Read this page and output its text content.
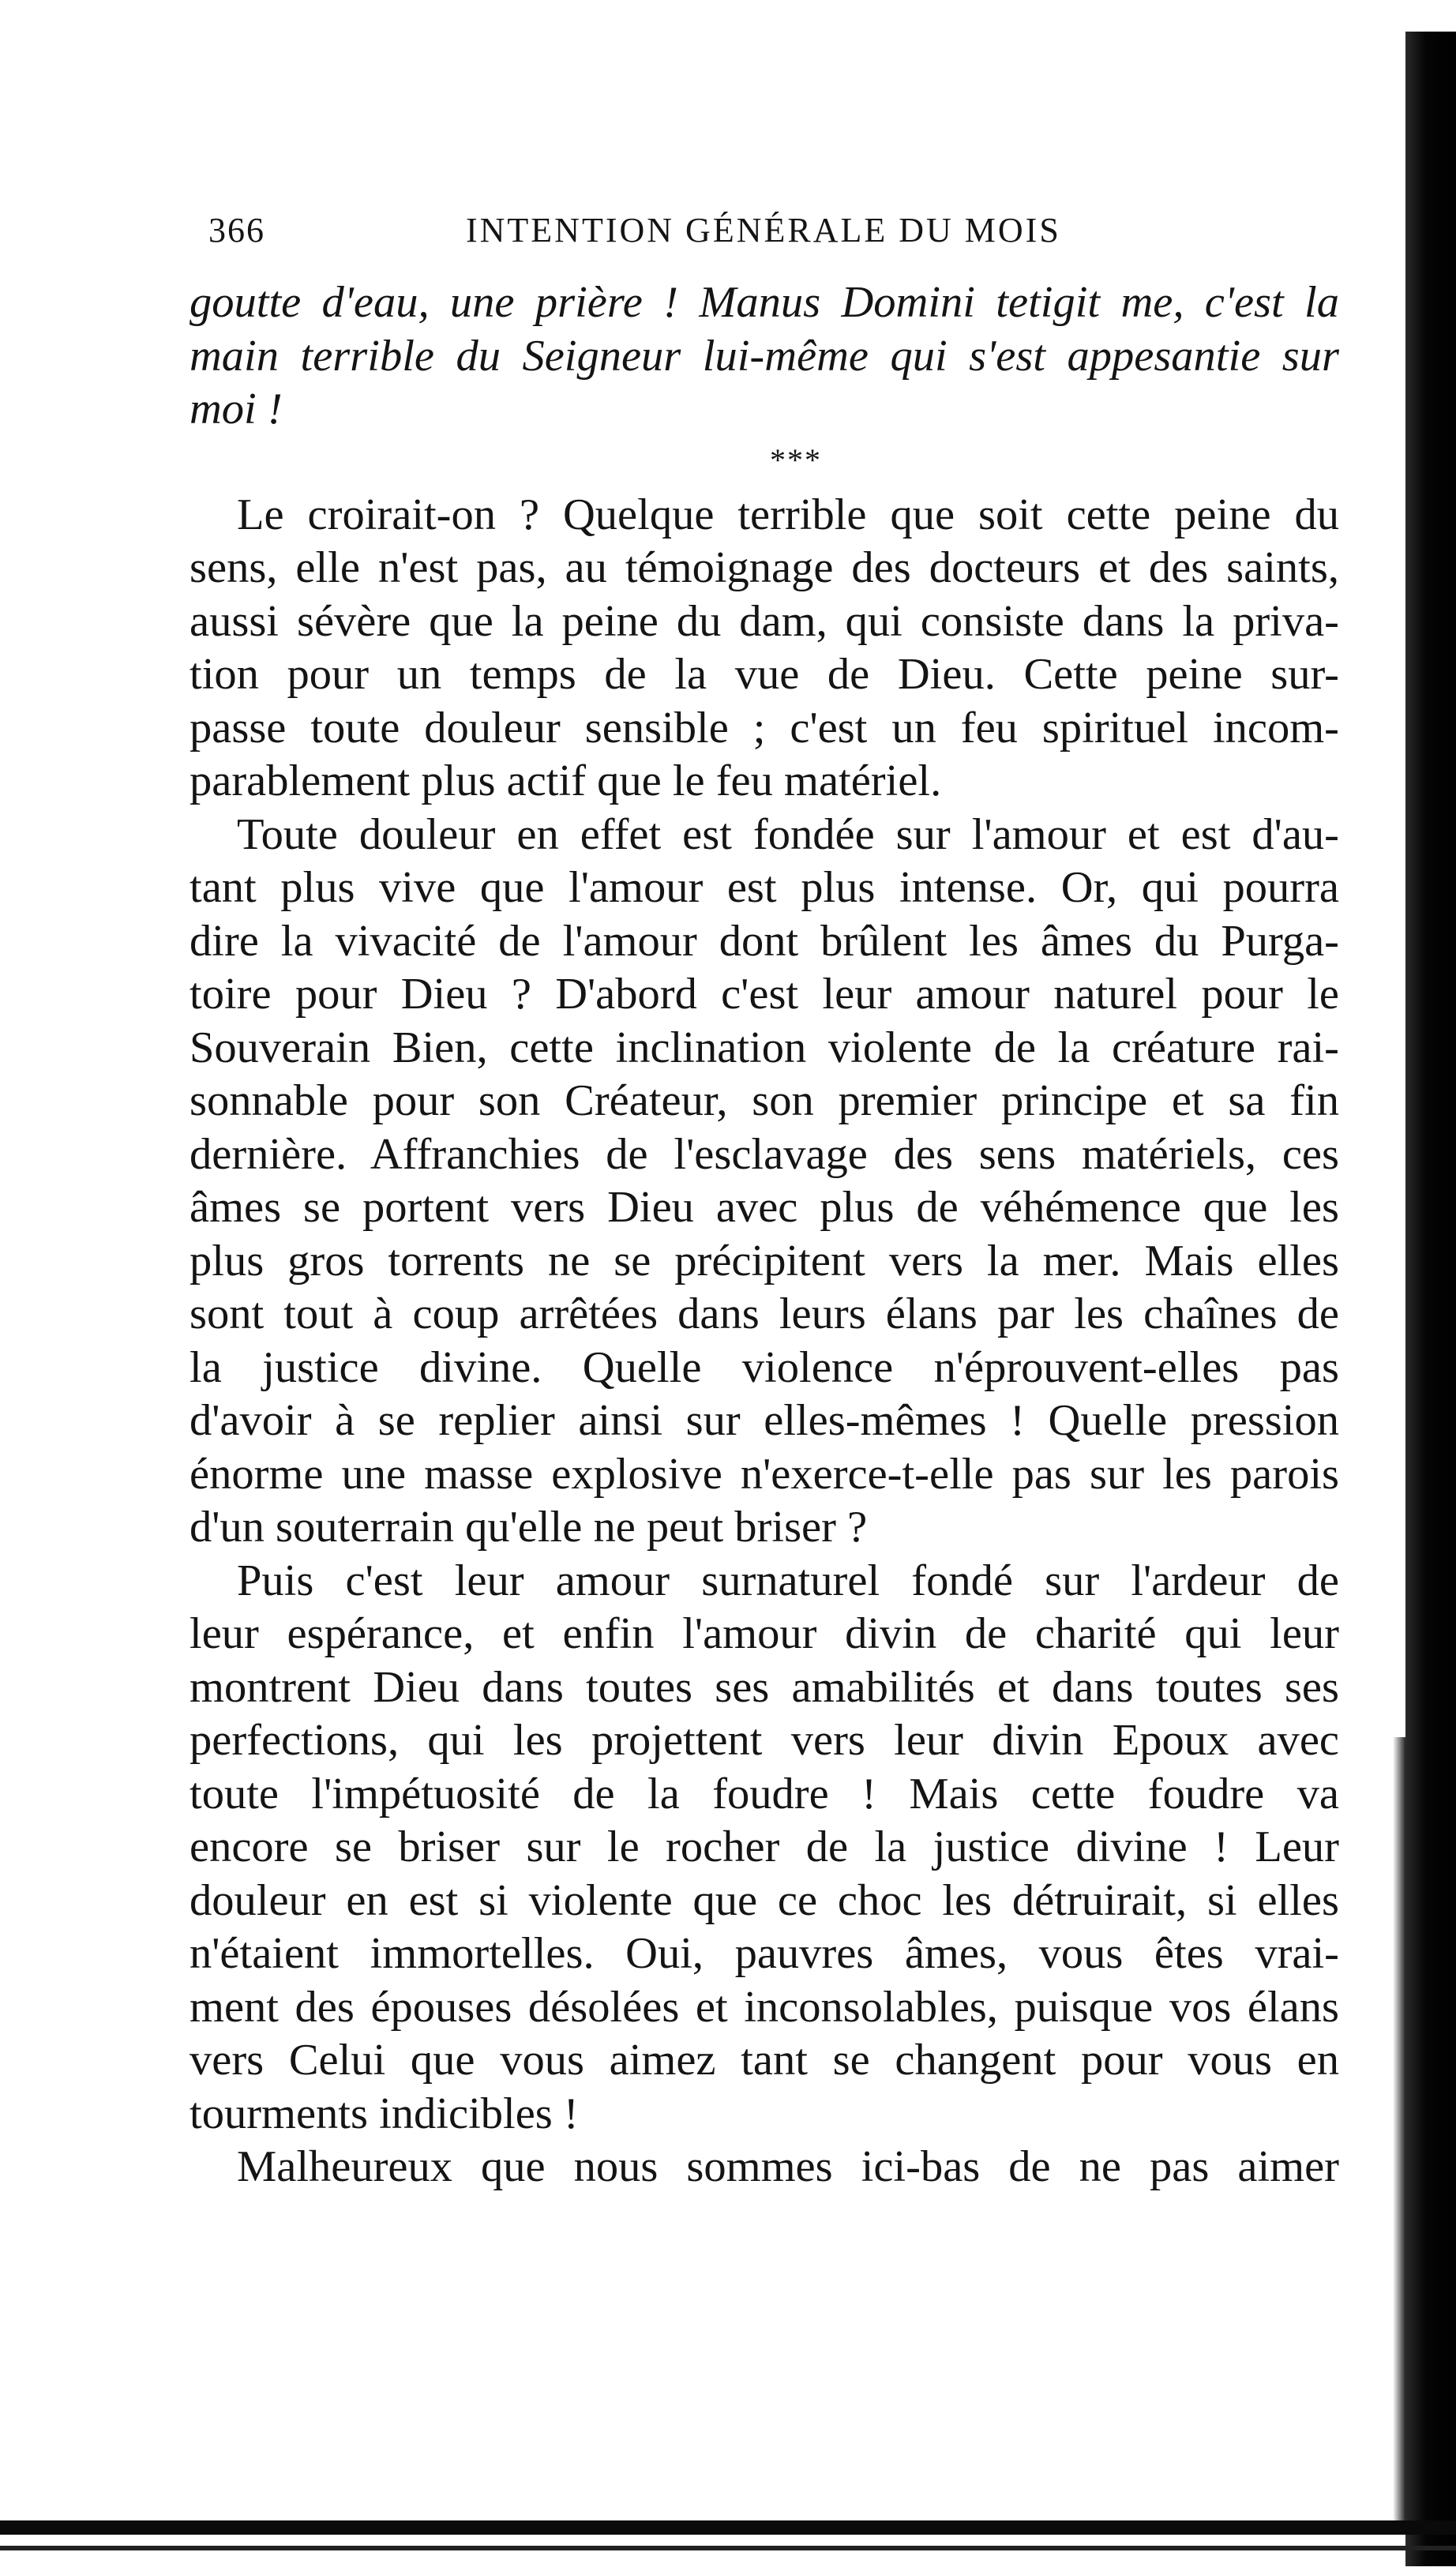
366	INTENTION GÉNÉRALE DU MOIS
goutte d'eau, une prière ! Manus Domini tetigit me, c'est la
main terrible du Seigneur lui-même qui s'est appesantie sur
moi !
***
Le croirait-on ? Quelque terrible que soit cette peine du
sens, elle n'est pas, au témoignage des docteurs et des saints,
aussi sévère que la peine du dam, qui consiste dans la priva-
tion pour un temps de la vue de Dieu. Cette peine sur-
passe toute douleur sensible ; c'est un feu spirituel incom-
parablement plus actif que le feu matériel.
Toute douleur en effet est fondée sur l'amour et est d'au-
tant plus vive que l'amour est plus intense. Or, qui pourra
dire la vivacité de l'amour dont brûlent les âmes du Purga-
toire pour Dieu ? D'abord c'est leur amour naturel pour le
Souverain Bien, cette inclination violente de la créature rai-
sonnable pour son Créateur, son premier principe et sa fin
dernière. Affranchies de l'esclavage des sens matériels, ces
âmes se portent vers Dieu avec plus de véhémence que les
plus gros torrents ne se précipitent vers la mer. Mais elles
sont tout à coup arrêtées dans leurs élans par les chaînes de
la justice divine. Quelle violence n'éprouvent-elles pas
d'avoir à se replier ainsi sur elles-mêmes ! Quelle pression
énorme une masse explosive n'exerce-t-elle pas sur les parois
d'un souterrain qu'elle ne peut briser ?
Puis c'est leur amour surnaturel fondé sur l'ardeur de
leur espérance, et enfin l'amour divin de charité qui leur
montrent Dieu dans toutes ses amabilités et dans toutes ses
perfections, qui les projettent vers leur divin Epoux avec
toute l'impétuosité de la foudre ! Mais cette foudre va
encore se briser sur le rocher de la justice divine ! Leur
douleur en est si violente que ce choc les détruirait, si elles
n'étaient immortelles. Oui, pauvres âmes, vous êtes vrai-
ment des épouses désolées et inconsolables, puisque vos élans
vers Celui que vous aimez tant se changent pour vous en
tourments indicibles !
Malheureux que nous sommes ici-bas de ne pas aimer
